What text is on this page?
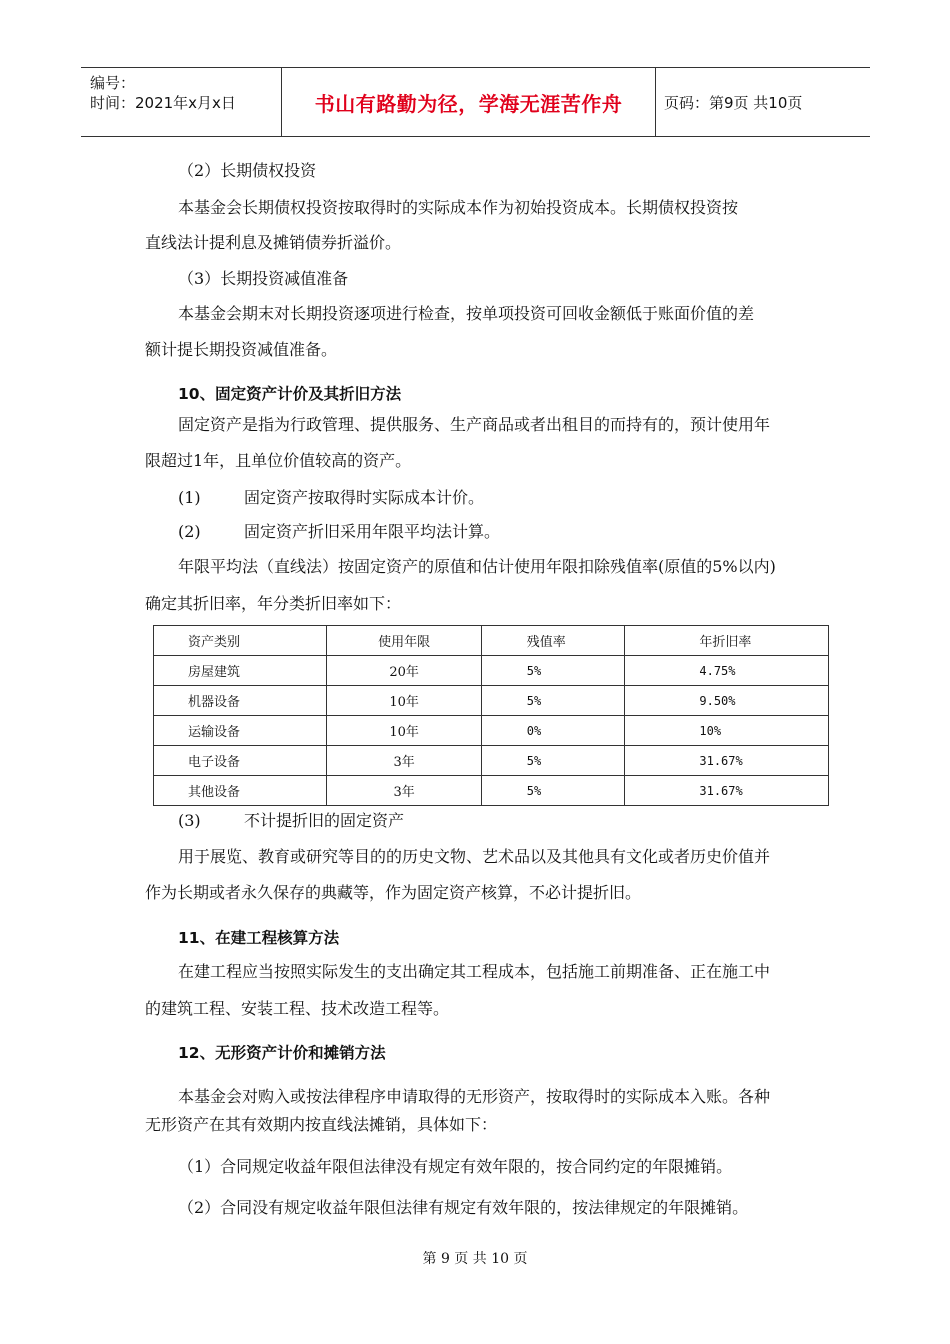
编号：
时间：2021年x月x日	书山有路勤为径，学海无涯苦作舟	页码：第9页 共10页
（2）长期债权投资
本基金会长期债权投资按取得时的实际成本作为初始投资成本。长期债权投资按
直线法计提利息及摊销债券折溢价。
（3）长期投资减值准备
本基金会期末对长期投资逐项进行检查，按单项投资可回收金额低于账面价值的差
额计提长期投资减值准备。
10、固定资产计价及其折旧方法
固定资产是指为行政管理、提供服务、生产商品或者出租目的而持有的，预计使用年
限超过1年，且单位价值较高的资产。
(1)	固定资产按取得时实际成本计价。
(2)	固定资产折旧采用年限平均法计算。
年限平均法（直线法）按固定资产的原值和估计使用年限扣除残值率(原值的5%以内)
确定其折旧率，年分类折旧率如下：
资产类别	使用年限	残值率	年折旧率
房屋建筑	20年	5%	4.75%
机器设备	10年	5%	9.50%
运输设备	10年	0%	10%
电子设备	3年	5%	31.67%
其他设备	3年	5%	31.67%
(3)	不计提折旧的固定资产
用于展览、教育或研究等目的的历史文物、艺术品以及其他具有文化或者历史价值并
作为长期或者永久保存的典藏等，作为固定资产核算，不必计提折旧。
11、在建工程核算方法
在建工程应当按照实际发生的支出确定其工程成本，包括施工前期准备、正在施工中
的建筑工程、安装工程、技术改造工程等。
12、无形资产计价和摊销方法
本基金会对购入或按法律程序申请取得的无形资产，按取得时的实际成本入账。各种
无形资产在其有效期内按直线法摊销，具体如下：
（1）合同规定收益年限但法律没有规定有效年限的，按合同约定的年限摊销。
（2）合同没有规定收益年限但法律有规定有效年限的，按法律规定的年限摊销。
第 9 页 共 10 页
